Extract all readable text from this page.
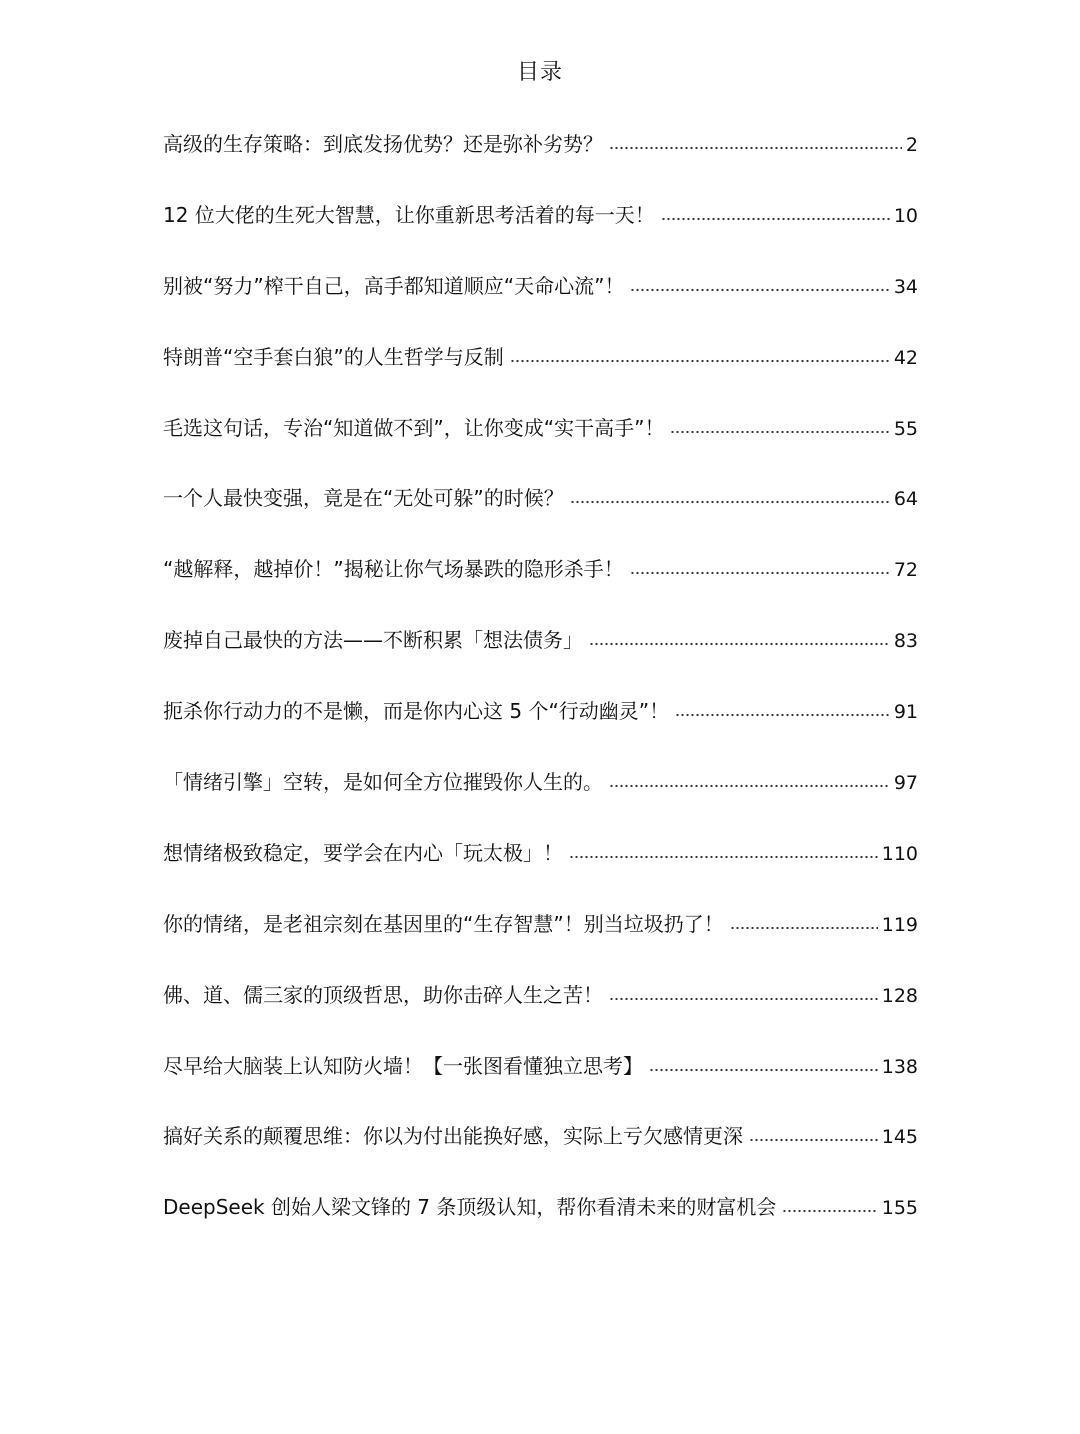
目录
高级的生存策略：到底发扬优势？还是弥补劣势？	2
12 位大佬的生死大智慧，让你重新思考活着的每一天！	10
别被“努力”榨干自己，高手都知道顺应“天命心流”！	34
特朗普“空手套白狼”的人生哲学与反制	42
毛选这句话，专治“知道做不到”，让你变成“实干高手”！	55
一个人最快变强，竟是在“无处可躲”的时候？	64
“越解释，越掉价！”揭秘让你气场暴跌的隐形杀手！	72
废掉自己最快的方法——不断积累「想法债务」	83
扼杀你行动力的不是懒，而是你内心这 5 个“行动幽灵”！	91
「情绪引擎」空转，是如何全方位摧毁你人生的。	97
想情绪极致稳定，要学会在内心「玩太极」！	110
你的情绪，是老祖宗刻在基因里的“生存智慧”！别当垃圾扔了！	119
佛、道、儒三家的顶级哲思，助你击碎人生之苦！	128
尽早给大脑装上认知防火墙！【一张图看懂独立思考】	138
搞好关系的颠覆思维：你以为付出能换好感，实际上亏欠感情更深	145
DeepSeek 创始人梁文锋的 7 条顶级认知，帮你看清未来的财富机会	155
